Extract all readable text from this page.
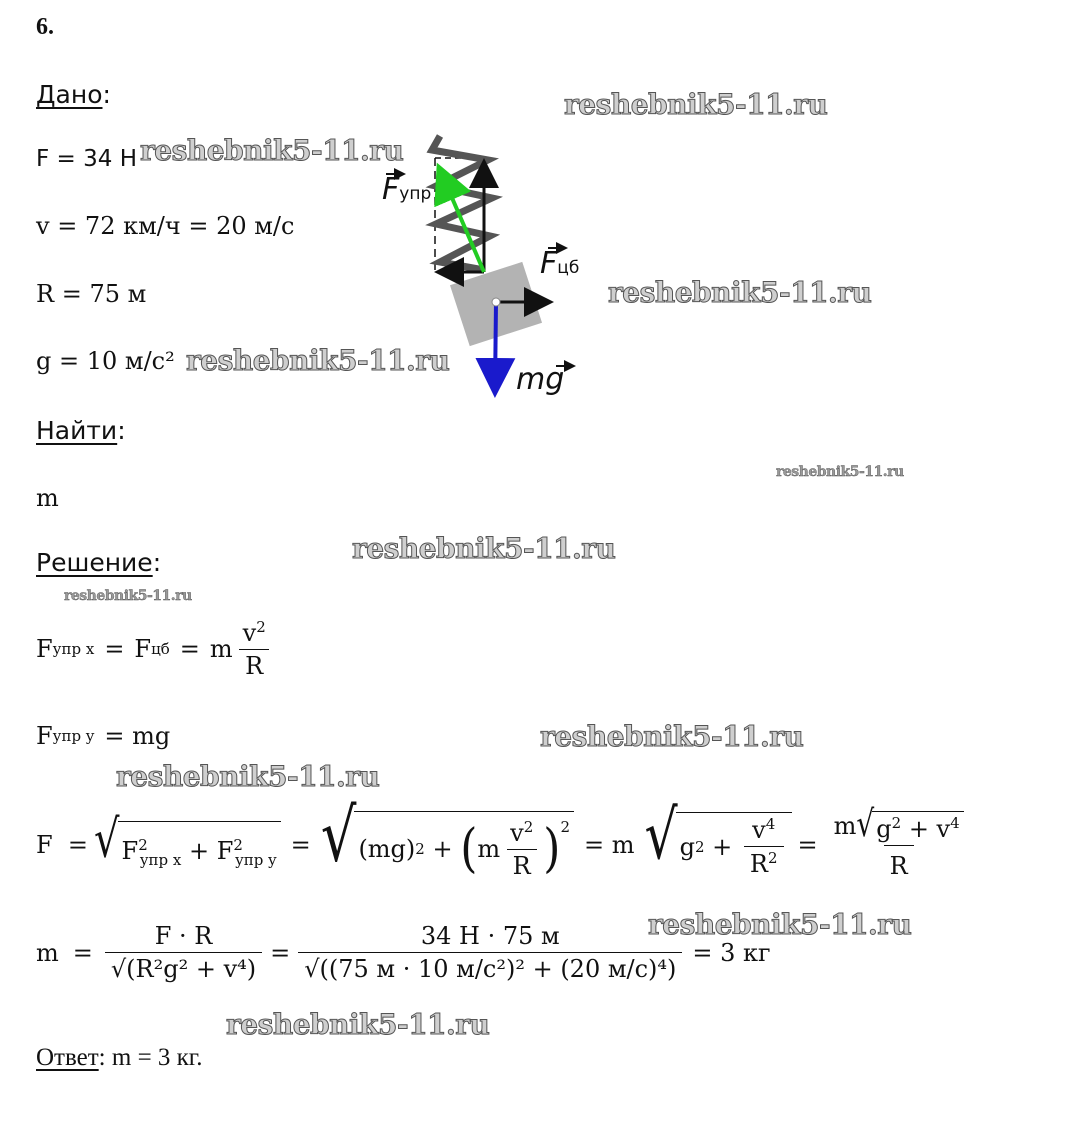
6.
Дано:
F = 34 Н
v = 72 км/ч = 20 м/с
R = 75 м
g = 10 м/с²
Найти:
m
Решение:
F упр x = F цб = m $\frac{v^2}{R}$
F упр y = mg
F  = √ $F^2_{упр x} + F^2_{упр y}$
= √ (mg) 2 + ( m $\frac{v^2}{R} )^2$
= m √ g $2 + \frac{v^4}{R^2} = \frac{m √ g^2 + v^4}{R}$
$m = \frac{F \cdot R}{\text{√(R²g² + v⁴)}} = \frac{34 Н \cdot 75 м}{\text{√((75 м · 10 м/с²)² + (20 м/с)⁴)}} = 3$ кг
Ответ: m = 3 кг.
Fупр
Fцб
mg
reshebnik5-11.ru
reshebnik5-11.ru
reshebnik5-11.ru
reshebnik5-11.ru
reshebnik5-11.ru
reshebnik5-11.ru
reshebnik5-11.ru
reshebnik5-11.ru
reshebnik5-11.ru
reshebnik5-11.ru
reshebnik5-11.ru
